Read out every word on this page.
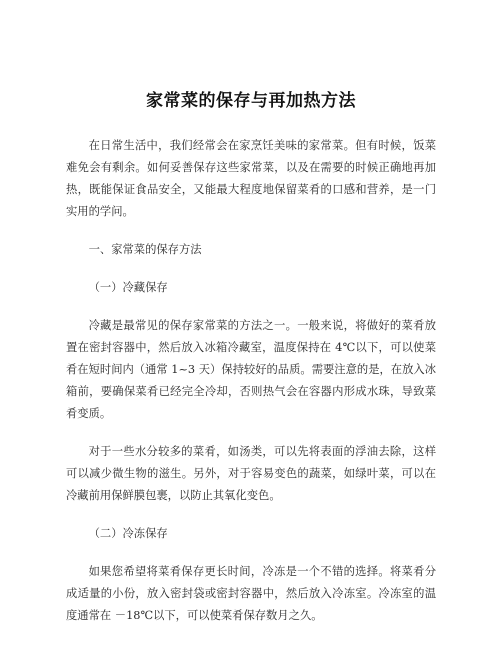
家常菜的保存与再加热方法

在日常生活中，我们经常会在家烹饪美味的家常菜。但有时候，饭菜难免会有剩余。如何妥善保存这些家常菜，以及在需要的时候正确地再加热，既能保证食品安全，又能最大程度地保留菜肴的口感和营养，是一门实用的学问。

一、家常菜的保存方法

（一）冷藏保存

冷藏是最常见的保存家常菜的方法之一。一般来说，将做好的菜肴放置在密封容器中，然后放入冰箱冷藏室，温度保持在 4℃以下，可以使菜肴在短时间内（通常 1~3 天）保持较好的品质。需要注意的是，在放入冰箱前，要确保菜肴已经完全冷却，否则热气会在容器内形成水珠，导致菜肴变质。

对于一些水分较多的菜肴，如汤类，可以先将表面的浮油去除，这样可以减少微生物的滋生。另外，对于容易变色的蔬菜，如绿叶菜，可以在冷藏前用保鲜膜包裹，以防止其氧化变色。

（二）冷冻保存

如果您希望将菜肴保存更长时间，冷冻是一个不错的选择。将菜肴分成适量的小份，放入密封袋或密封容器中，然后放入冷冻室。冷冻室的温度通常在 －18℃以下，可以使菜肴保存数月之久。
